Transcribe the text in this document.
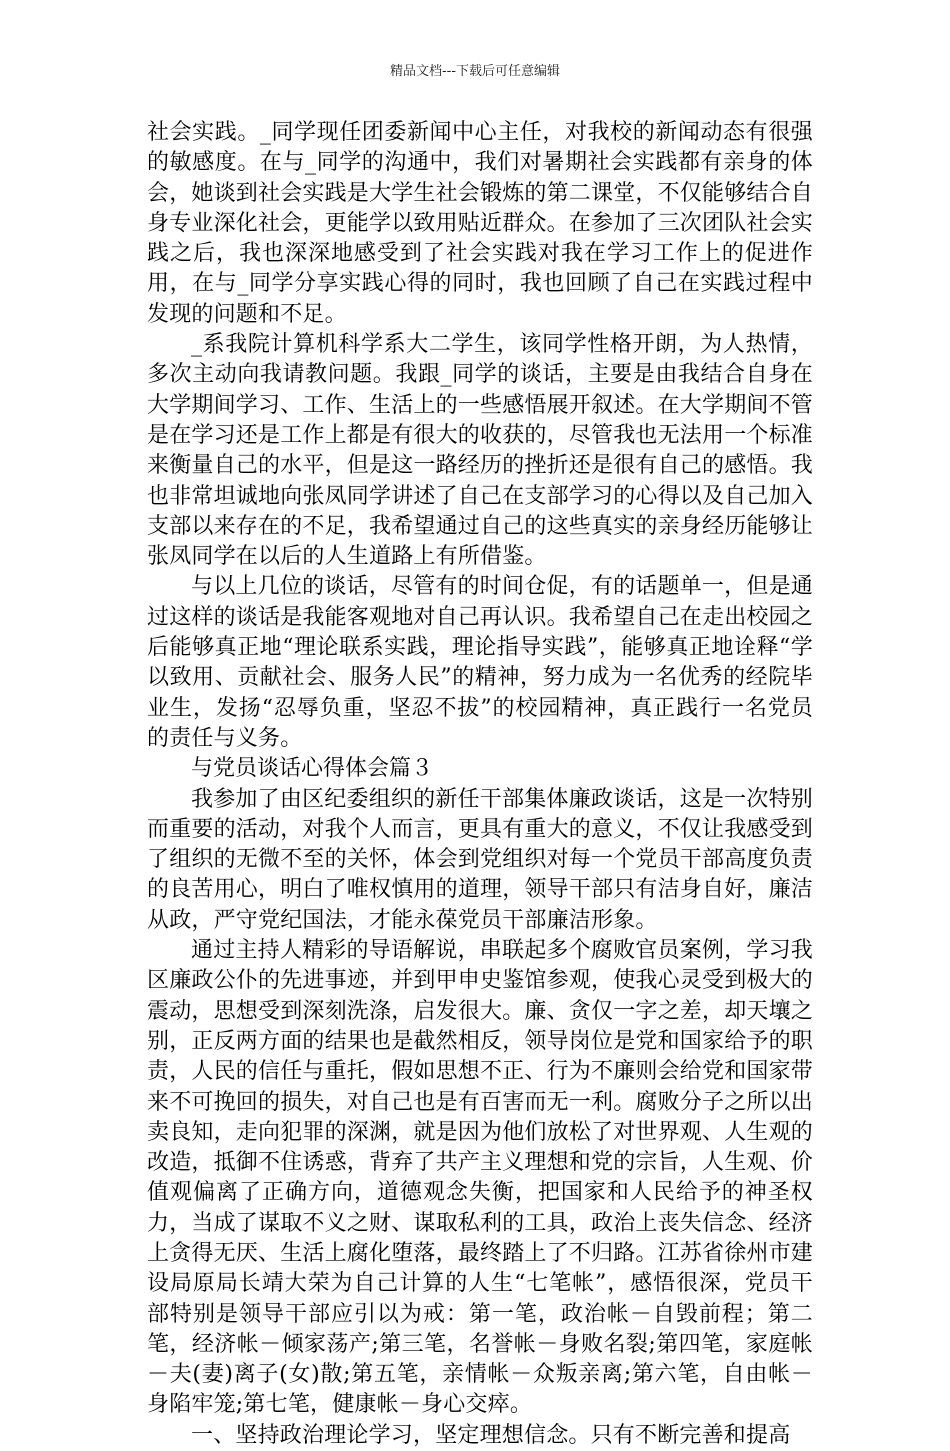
精品文档---下载后可任意编辑

社会实践。_同学现任团委新闻中心主任，对我校的新闻动态有很强的敏感度。在与_同学的沟通中，我们对暑期社会实践都有亲身的体会，她谈到社会实践是大学生社会锻炼的第二课堂，不仅能够结合自身专业深化社会，更能学以致用贴近群众。在参加了三次团队社会实践之后，我也深深地感受到了社会实践对我在学习工作上的促进作用，在与_同学分享实践心得的同时，我也回顾了自己在实践过程中发现的问题和不足。

_系我院计算机科学系大二学生，该同学性格开朗，为人热情，多次主动向我请教问题。我跟_同学的谈话，主要是由我结合自身在大学期间学习、工作、生活上的一些感悟展开叙述。在大学期间不管是在学习还是工作上都是有很大的收获的，尽管我也无法用一个标准来衡量自己的水平，但是这一路经历的挫折还是很有自己的感悟。我也非常坦诚地向张凤同学讲述了自己在支部学习的心得以及自己加入支部以来存在的不足，我希望通过自己的这些真实的亲身经历能够让张凤同学在以后的人生道路上有所借鉴。

与以上几位的谈话，尽管有的时间仓促，有的话题单一，但是通过这样的谈话是我能客观地对自己再认识。我希望自己在走出校园之后能够真正地“理论联系实践，理论指导实践”，能够真正地诠释“学以致用、贡献社会、服务人民”的精神，努力成为一名优秀的经院毕业生，发扬“忍辱负重，坚忍不拔”的校园精神，真正践行一名党员的责任与义务。

与党员谈话心得体会篇３

我参加了由区纪委组织的新任干部集体廉政谈话，这是一次特别而重要的活动，对我个人而言，更具有重大的意义，不仅让我感受到了组织的无微不至的关怀，体会到党组织对每一个党员干部高度负责的良苦用心，明白了唯权慎用的道理，领导干部只有洁身自好，廉洁从政，严守党纪国法，才能永葆党员干部廉洁形象。

通过主持人精彩的导语解说，串联起多个腐败官员案例，学习我区廉政公仆的先进事迹，并到甲申史鉴馆参观，使我心灵受到极大的震动，思想受到深刻洗涤，启发很大。廉、贪仅一字之差，却天壤之别，正反两方面的结果也是截然相反，领导岗位是党和国家给予的职责，人民的信任与重托，假如思想不正、行为不廉则会给党和国家带来不可挽回的损失，对自己也是有百害而无一利。腐败分子之所以出卖良知，走向犯罪的深渊，就是因为他们放松了对世界观、人生观的改造，抵御不住诱惑，背弃了共产主义理想和党的宗旨，人生观、价值观偏离了正确方向，道德观念失衡，把国家和人民给予的神圣权力，当成了谋取不义之财、谋取私利的工具，政治上丧失信念、经济上贪得无厌、生活上腐化堕落，最终踏上了不归路。江苏省徐州市建设局原局长靖大荣为自己计算的人生“七笔帐”，感悟很深，党员干部特别是领导干部应引以为戒：第一笔，政治帐－自毁前程；第二笔，经济帐－倾家荡产;第三笔，名誉帐－身败名裂;第四笔，家庭帐－夫(妻)离子(女)散;第五笔，亲情帐－众叛亲离;第六笔，自由帐－身陷牢笼;第七笔，健康帐－身心交瘁。

一、坚持政治理论学习，坚定理想信念。只有不断完善和提高
